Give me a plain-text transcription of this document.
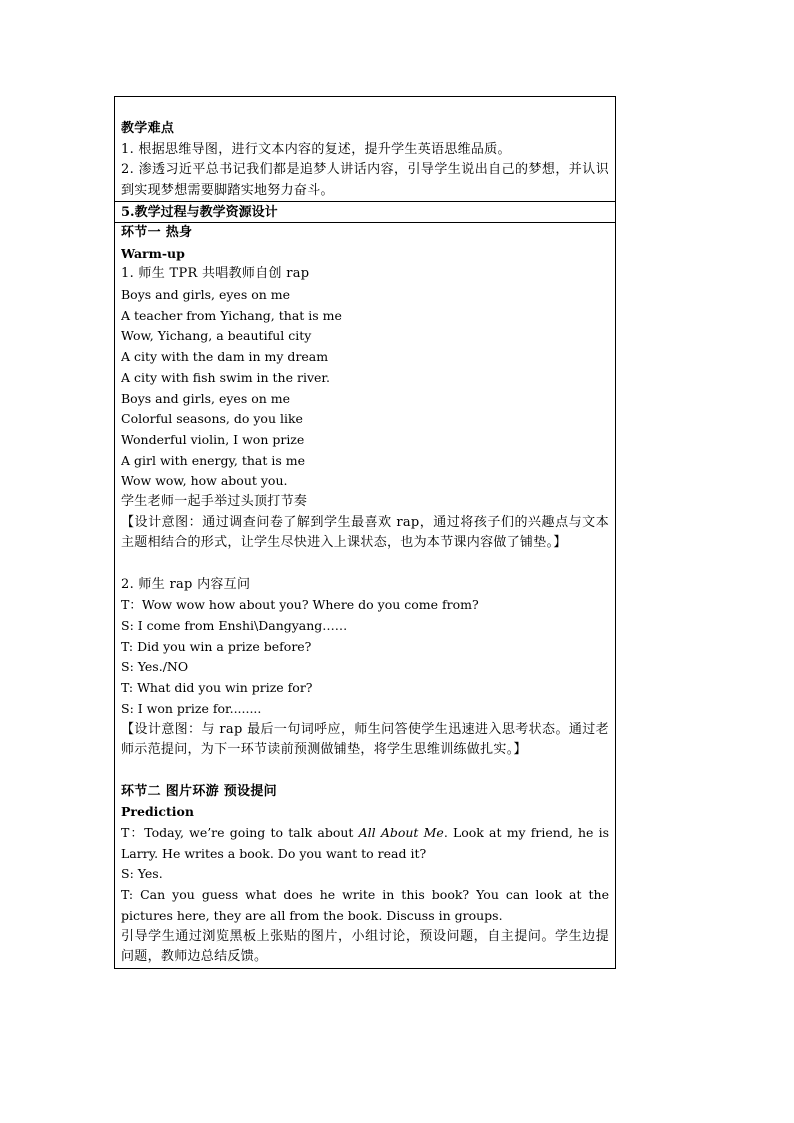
教学难点
1. 根据思维导图，进行文本内容的复述，提升学生英语思维品质。
2. 渗透习近平总书记我们都是追梦人讲话内容，引导学生说出自己的梦想，并认识到实现梦想需要脚踏实地努力奋斗。
5.教学过程与教学资源设计
环节一 热身
Warm-up
1. 师生 TPR 共唱教师自创 rap
Boys and girls, eyes on me
A teacher from Yichang, that is me
Wow, Yichang, a beautiful city
A city with the dam in my dream
A city with fish swim in the river.
Boys and girls, eyes on me
Colorful seasons, do you like
Wonderful violin, I won prize
A girl with energy, that is me
Wow wow, how about you.
学生老师一起手举过头顶打节奏
【设计意图：通过调查问卷了解到学生最喜欢 rap，通过将孩子们的兴趣点与文本主题相结合的形式，让学生尽快进入上课状态，也为本节课内容做了铺垫。】
2. 师生 rap 内容互问
T：Wow wow how about you? Where do you come from?
S: I come from Enshi\Dangyang……
T: Did you win a prize before?
S: Yes./NO
T: What did you win prize for?
S: I won prize for........
【设计意图：与 rap 最后一句词呼应，师生问答使学生迅速进入思考状态。通过老师示范提问，为下一环节读前预测做铺垫，将学生思维训练做扎实。】
环节二 图片环游 预设提问
Prediction
T：Today, we’re going to talk about All About Me. Look at my friend, he is Larry. He writes a book. Do you want to read it?
S: Yes.
T: Can you guess what does he write in this book? You can look at the pictures here, they are all from the book. Discuss in groups.
引导学生通过浏览黑板上张贴的图片，小组讨论，预设问题，自主提问。学生边提问题，教师边总结反馈。
